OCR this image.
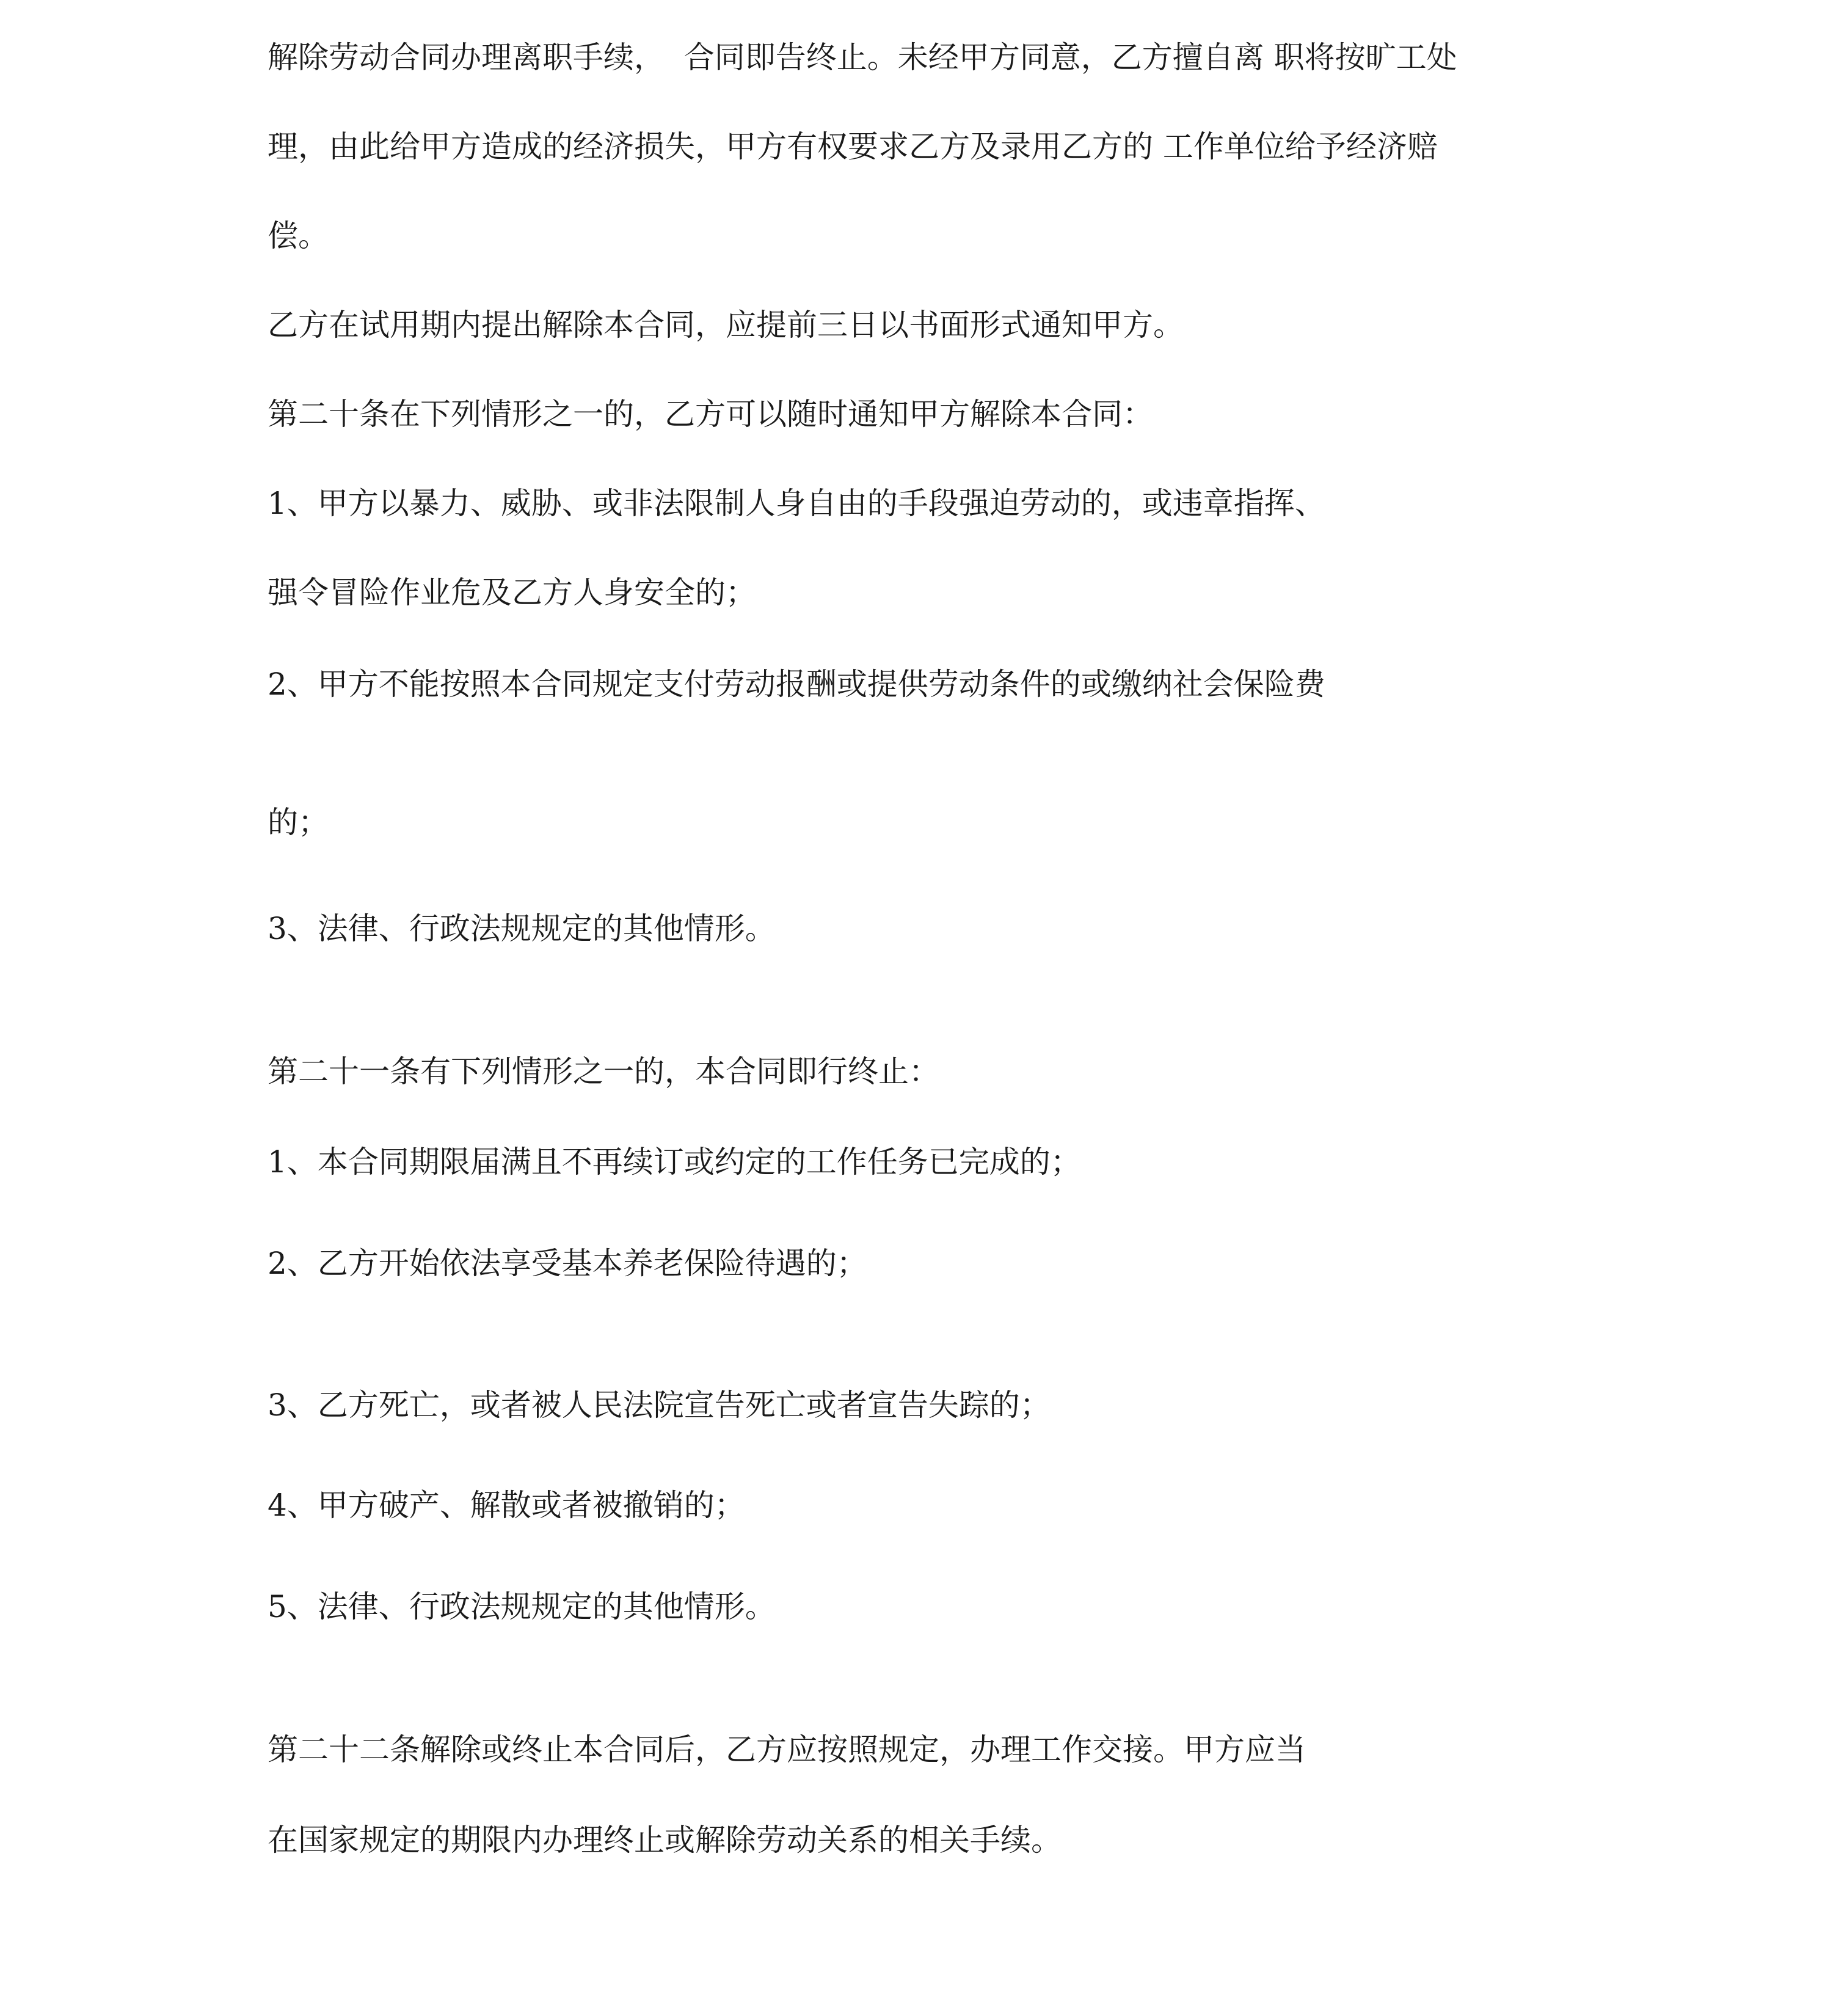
解除劳动合同办理离职手续，  合同即告终止。未经甲方同意，乙方擅自离 职将按旷工处

理，由此给甲方造成的经济损失，甲方有权要求乙方及录用乙方的 工作单位给予经济赔

偿。

乙方在试用期内提出解除本合同，应提前三日以书面形式通知甲方。

第二十条在下列情形之一的，乙方可以随时通知甲方解除本合同：

1、甲方以暴力、威胁、或非法限制人身自由的手段强迫劳动的，或违章指挥、

强令冒险作业危及乙方人身安全的；

2、甲方不能按照本合同规定支付劳动报酬或提供劳动条件的或缴纳社会保险费

的；

3、法律、行政法规规定的其他情形。

第二十一条有下列情形之一的，本合同即行终止：

1、本合同期限届满且不再续订或约定的工作任务已完成的；

2、乙方开始依法享受基本养老保险待遇的；

3、乙方死亡，或者被人民法院宣告死亡或者宣告失踪的；

4、甲方破产、解散或者被撤销的；

5、法律、行政法规规定的其他情形。

第二十二条解除或终止本合同后，乙方应按照规定，办理工作交接。甲方应当

在国家规定的期限内办理终止或解除劳动关系的相关手续。
